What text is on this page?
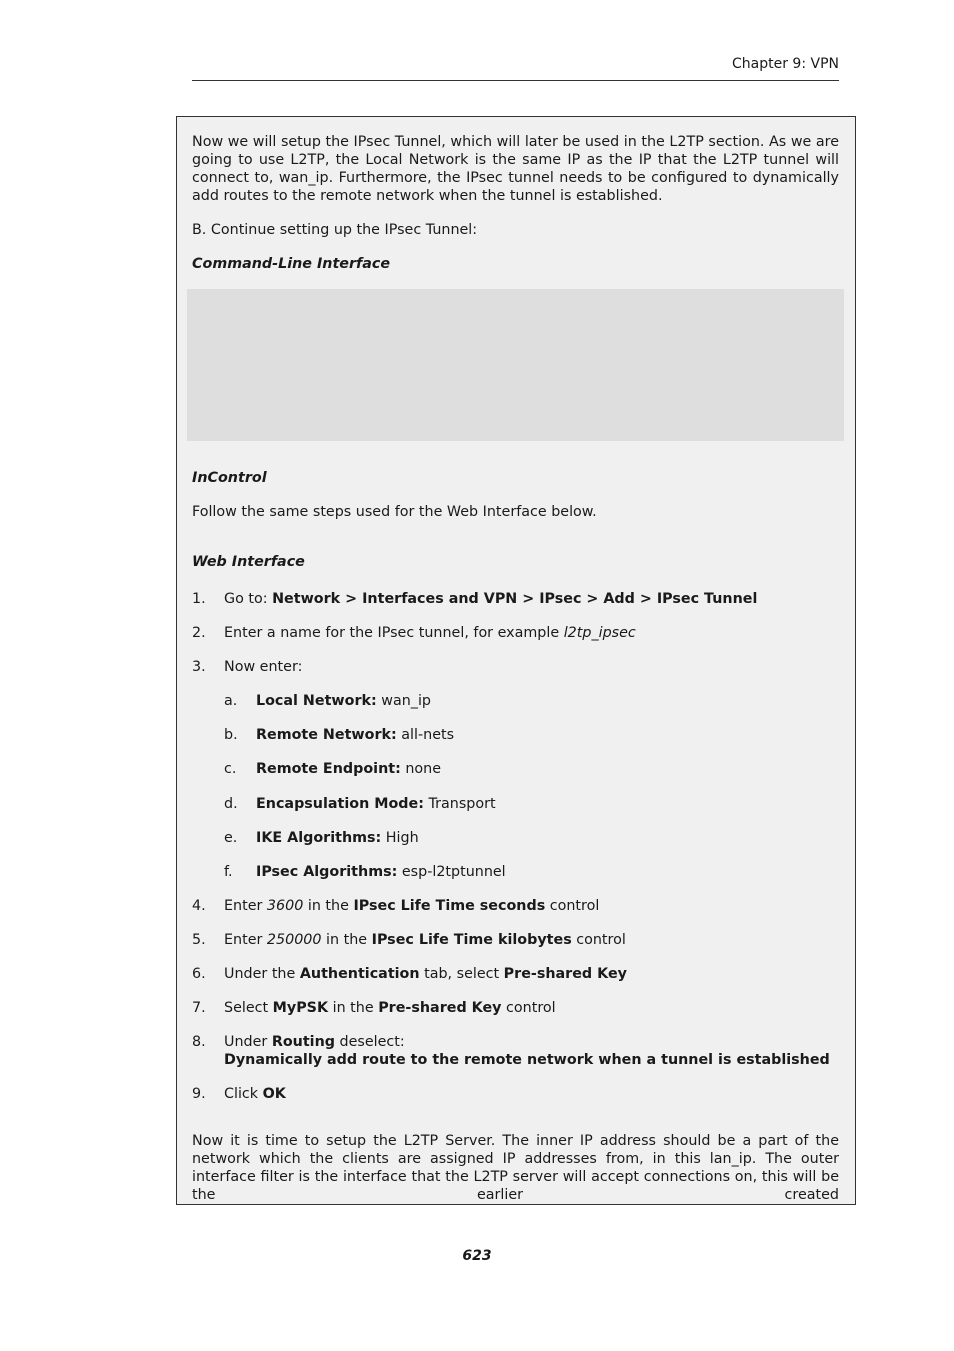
Chapter 9: VPN
Now we will setup the IPsec Tunnel, which will later be used in the L2TP section. As we are going to use L2TP, the Local Network is the same IP as the IP that the L2TP tunnel will connect to, wan_ip. Furthermore, the IPsec tunnel needs to be configured to dynamically add routes to the remote network when the tunnel is established.
B. Continue setting up the IPsec Tunnel:
Command-Line Interface
InControl
Follow the same steps used for the Web Interface below.
Web Interface
1. Go to: Network > Interfaces and VPN > IPsec > Add > IPsec Tunnel
2. Enter a name for the IPsec tunnel, for example l2tp_ipsec
3. Now enter:
a. Local Network: wan_ip
b. Remote Network: all-nets
c. Remote Endpoint: none
d. Encapsulation Mode: Transport
e. IKE Algorithms: High
f. IPsec Algorithms: esp-l2tptunnel
4. Enter 3600 in the IPsec Life Time seconds control
5. Enter 250000 in the IPsec Life Time kilobytes control
6. Under the Authentication tab, select Pre-shared Key
7. Select MyPSK in the Pre-shared Key control
8. Under Routing deselect:
Dynamically add route to the remote network when a tunnel is established
9. Click OK
Now it is time to setup the L2TP Server. The inner IP address should be a part of the network which the clients are assigned IP addresses from, in this lan_ip. The outer interface filter is the interface that the L2TP server will accept connections on, this will be the earlier created
623
